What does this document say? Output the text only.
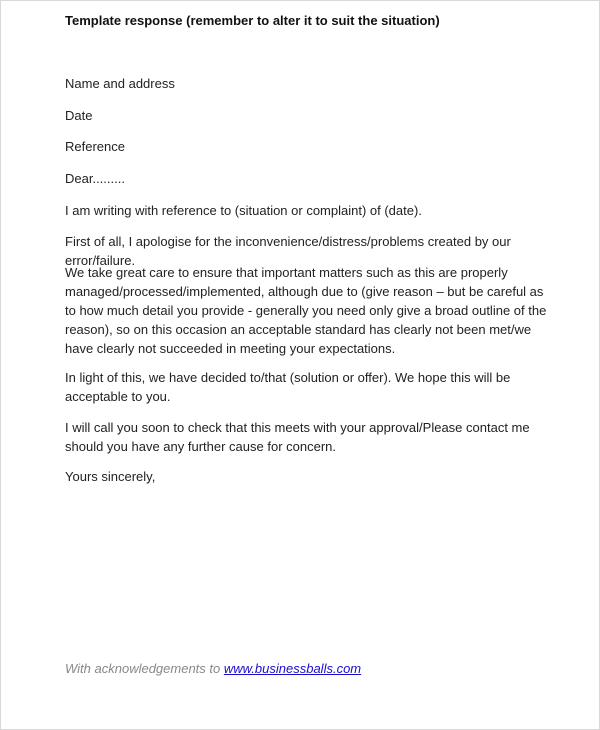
Template response (remember to alter it to suit the situation)
Name and address
Date
Reference
Dear.........
I am writing with reference to (situation or complaint) of (date).
First of all, I apologise for the inconvenience/distress/problems created by our error/failure.
We take great care to ensure that important matters such as this are properly managed/processed/implemented, although due to (give reason – but be careful as to how much detail you provide - generally you need only give a broad outline of the reason), so on this occasion an acceptable standard has clearly not been met/we have clearly not succeeded in meeting your expectations.
In light of this, we have decided to/that (solution or offer). We hope this will be acceptable to you.
I will call you soon to check that this meets with your approval/Please contact me should you have any further cause for concern.
Yours sincerely,
With acknowledgements to www.businessballs.com
